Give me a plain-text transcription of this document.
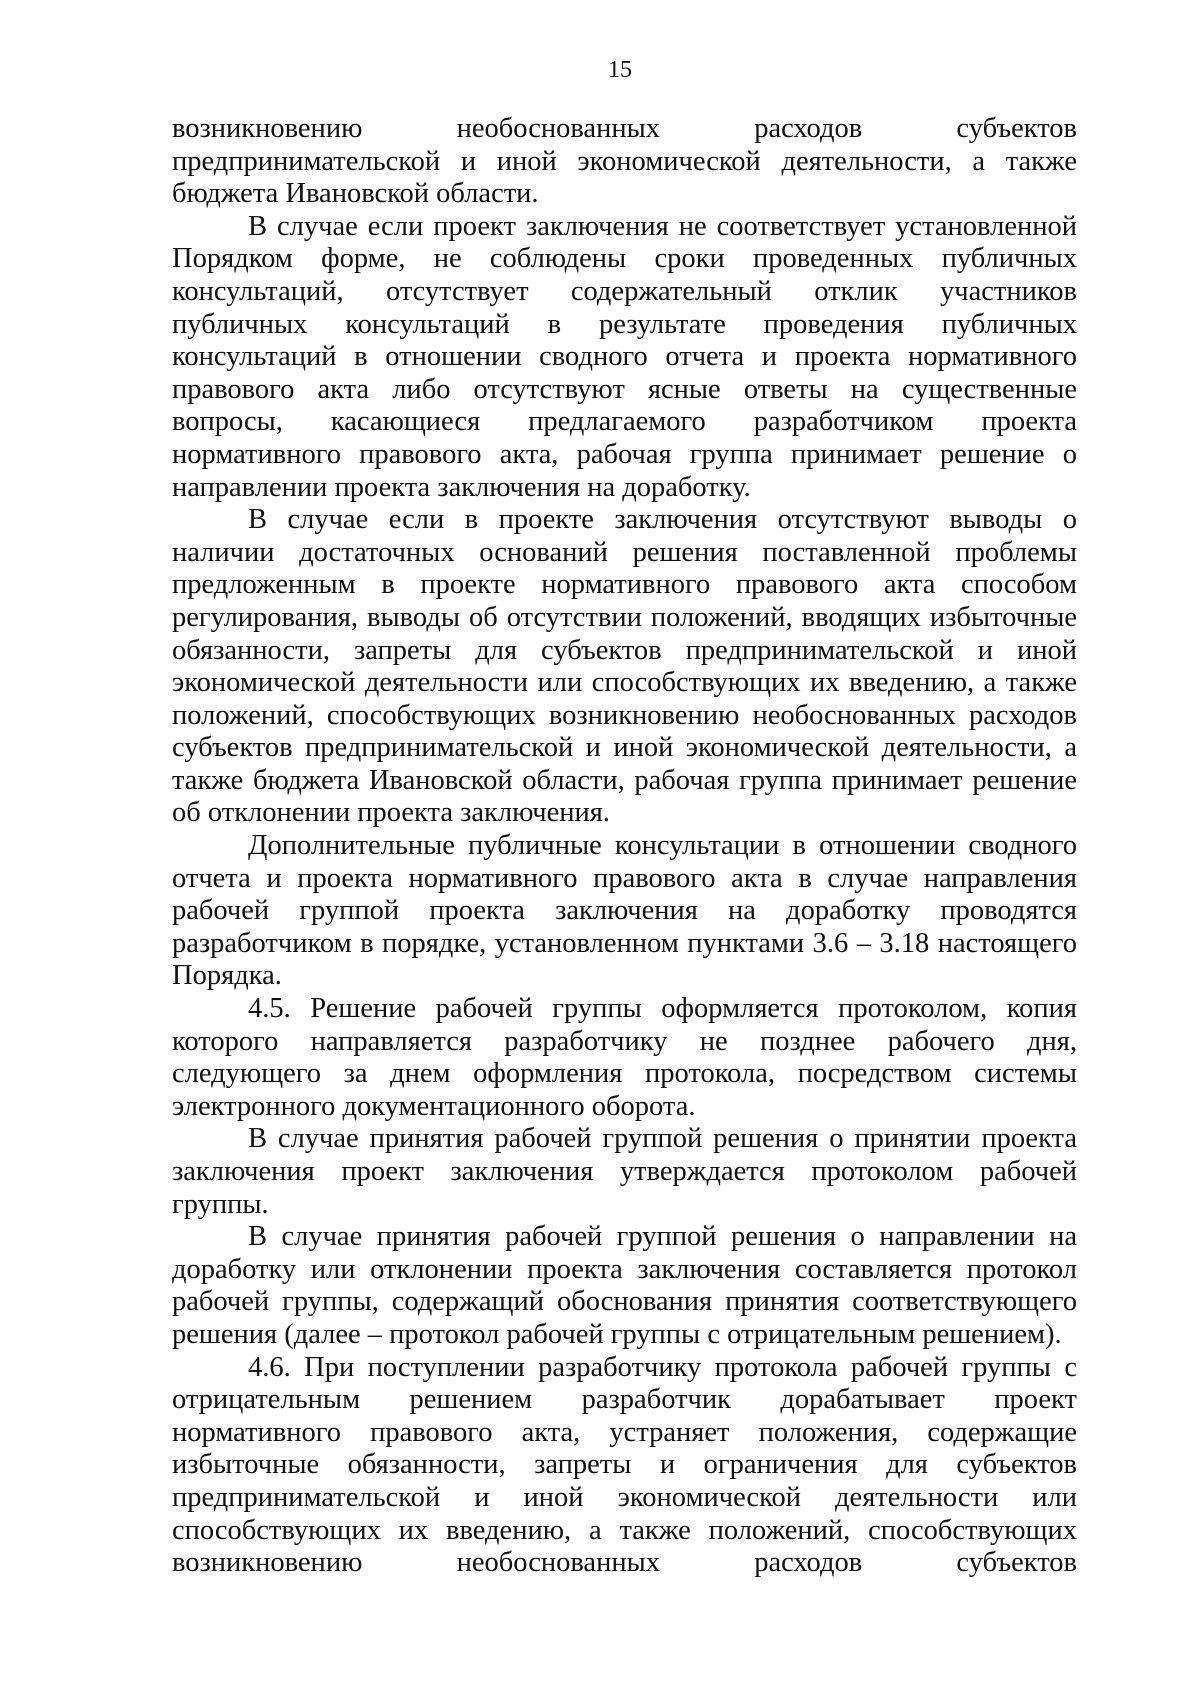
15

возникновению необоснованных расходов субъектов предпринимательской и иной экономической деятельности, а также бюджета Ивановской области.

В случае если проект заключения не соответствует установленной Порядком форме, не соблюдены сроки проведенных публичных консультаций, отсутствует содержательный отклик участников публичных консультаций в результате проведения публичных консультаций в отношении сводного отчета и проекта нормативного правового акта либо отсутствуют ясные ответы на существенные вопросы, касающиеся предлагаемого разработчиком проекта нормативного правового акта, рабочая группа принимает решение о направлении проекта заключения на доработку.

В случае если в проекте заключения отсутствуют выводы о наличии достаточных оснований решения поставленной проблемы предложенным в проекте нормативного правового акта способом регулирования, выводы об отсутствии положений, вводящих избыточные обязанности, запреты для субъектов предпринимательской и иной экономической деятельности или способствующих их введению, а также положений, способствующих возникновению необоснованных расходов субъектов предпринимательской и иной экономической деятельности, а также бюджета Ивановской области, рабочая группа принимает решение об отклонении проекта заключения.

Дополнительные публичные консультации в отношении сводного отчета и проекта нормативного правового акта в случае направления рабочей группой проекта заключения на доработку проводятся разработчиком в порядке, установленном пунктами 3.6 – 3.18 настоящего Порядка.

4.5. Решение рабочей группы оформляется протоколом, копия которого направляется разработчику не позднее рабочего дня, следующего за днем оформления протокола, посредством системы электронного документационного оборота.

В случае принятия рабочей группой решения о принятии проекта заключения проект заключения утверждается протоколом рабочей группы.

В случае принятия рабочей группой решения о направлении на доработку или отклонении проекта заключения составляется протокол рабочей группы, содержащий обоснования принятия соответствующего решения (далее – протокол рабочей группы с отрицательным решением).

4.6. При поступлении разработчику протокола рабочей группы с отрицательным решением разработчик дорабатывает проект нормативного правового акта, устраняет положения, содержащие избыточные обязанности, запреты и ограничения для субъектов предпринимательской и иной экономической деятельности или способствующих их введению, а также положений, способствующих возникновению необоснованных расходов субъектов
